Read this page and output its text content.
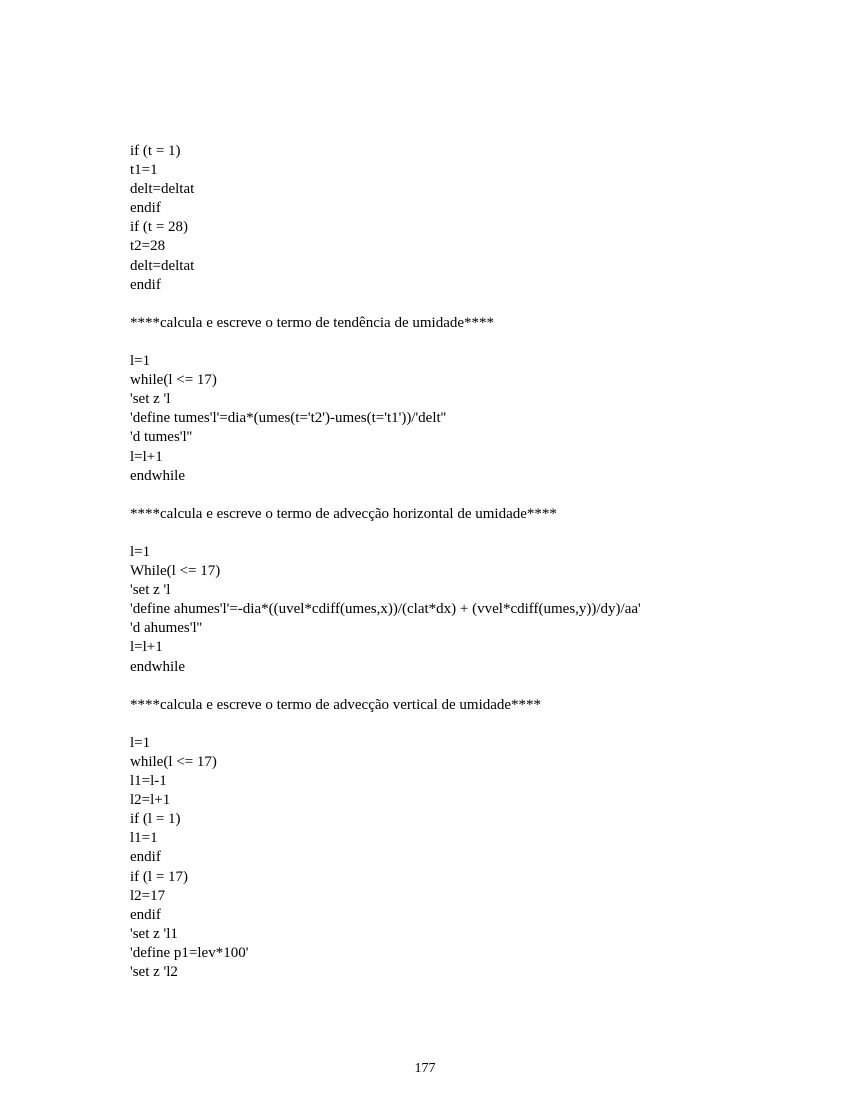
if (t = 1)
t1=1
delt=deltat
endif
if (t = 28)
t2=28
delt=deltat
endif
****calcula e escreve o termo de tendência de umidade****
l=1
while(l <= 17)
'set z 'l
'define tumes'l'=dia*(umes(t='t2')-umes(t='t1'))/'delt''
'd tumes'l''
l=l+1
endwhile
****calcula e escreve o termo de advecção horizontal de umidade****
l=1
While(l <= 17)
'set z 'l
'define ahumes'l'=-dia*((uvel*cdiff(umes,x))/(clat*dx) + (vvel*cdiff(umes,y))/dy)/aa'
'd ahumes'l''
l=l+1
endwhile
****calcula e escreve o termo de advecção vertical de umidade****
l=1
while(l <= 17)
l1=l-1
l2=l+1
if (l = 1)
l1=1
endif
if (l = 17)
l2=17
endif
'set z 'l1
'define p1=lev*100'
'set z 'l2
177
